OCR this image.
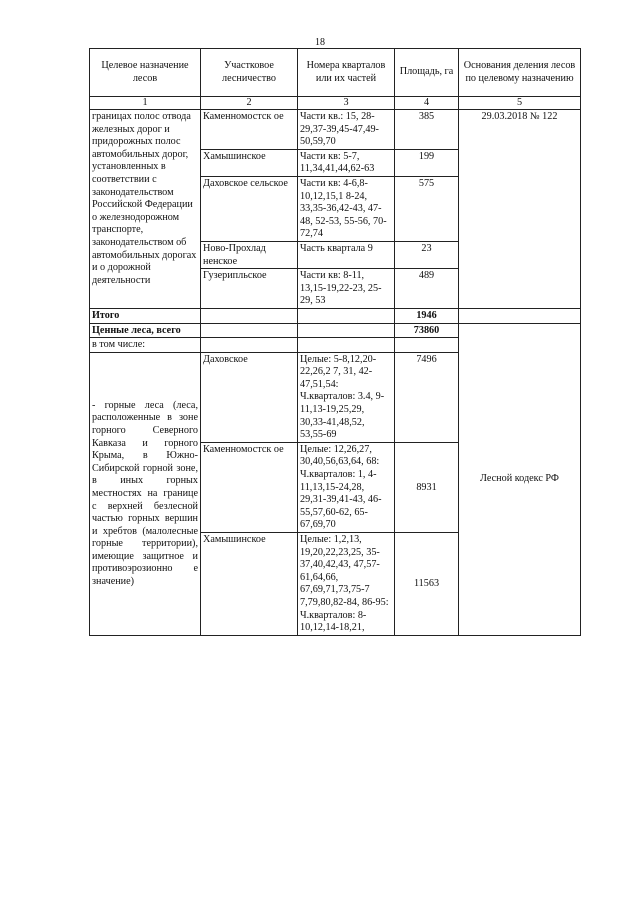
18
Целевое назначение лесов	Участковое лесничество	Номера кварталов или их частей	Площадь, га	Основания деления лесов по целевому назначению
1	2	3	4	5
границах полос отвода железных дорог и придорожных полос автомобильных дорог, установленных в соответствии с законодательством Российской Федерации о железнодорожном транспорте, законодательством об автомобильных дорогах и о дорожной деятельности	Каменномостск ое	Части кв.: 15, 28-29,37-39,45-47,49-50,59,70	385	29.03.2018 № 122
	Хамышинское	Части кв: 5-7, 11,34,41,44,62-63	199	
	Даховское сельское	Части кв: 4-6,8-10,12,15,1 8-24, 33,35-36,42-43, 47-48, 52-53, 55-56, 70-72,74	575	
	Ново-Прохлад ненское	Часть квартала 9	23	
	Гузерипльское	Части кв: 8-11, 13,15-19,22-23, 25-29, 53	489	
Итого			1946	
Ценные леса, всего			73860	Лесной кодекс РФ
в том числе:				
- горные леса (леса, расположенные в зоне горного Северного Кавказа и горного Крыма, в Южно-Сибирской горной зоне, в иных горных местностях на границе с верхней безлесной частью горных вершин и хребтов (малолесные горные территории), имеющие защитное и противоэрозионно е значение)	Даховское	Целые: 5-8,12,20-22,26,2 7, 31, 42-47,51,54: Ч.кварталов: 3.4, 9-11,13-19,25,29, 30,33-41,48,52, 53,55-69	7496	
	Каменномостск ое	Целые: 12,26,27, 30,40,56,63,64, 68: Ч.кварталов: 1, 4-11,13,15-24,28, 29,31-39,41-43, 46-55,57,60-62, 65-67,69,70	8931	
	Хамышинское	Целые: 1,2,13, 19,20,22,23,25, 35-37,40,42,43, 47,57-61,64,66, 67,69,71,73,75-7 7,79,80,82-84, 86-95: Ч.кварталов: 8-10,12,14-18,21,	11563	
